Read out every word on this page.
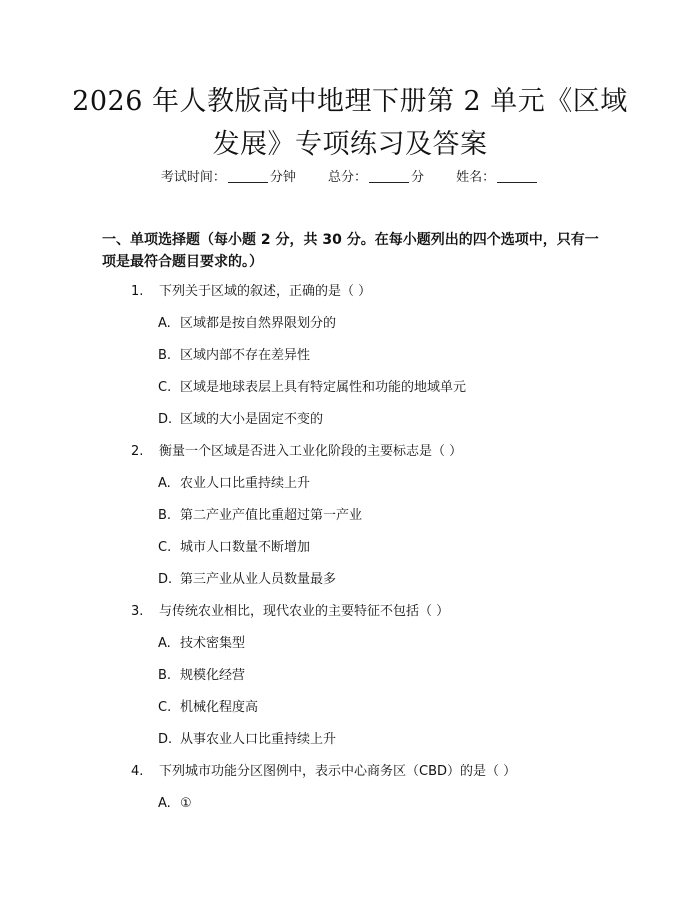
2026 年人教版高中地理下册第 2 单元《区域
发展》专项练习及答案
考试时间：	分钟 总分：	分 姓名：
一、单项选择题（每小题 2 分，共 30 分。在每小题列出的四个选项中，只有一项是最符合题目要求的。）
1. 下列关于区域的叙述，正确的是（ ）
A. 区域都是按自然界限划分的
B. 区域内部不存在差异性
C. 区域是地球表层上具有特定属性和功能的地域单元
D. 区域的大小是固定不变的
2. 衡量一个区域是否进入工业化阶段的主要标志是（ ）
A. 农业人口比重持续上升
B. 第二产业产值比重超过第一产业
C. 城市人口数量不断增加
D. 第三产业从业人员数量最多
3. 与传统农业相比，现代农业的主要特征不包括（ ）
A. 技术密集型
B. 规模化经营
C. 机械化程度高
D. 从事农业人口比重持续上升
4. 下列城市功能分区图例中，表示中心商务区（CBD）的是（ ）
A. ①
